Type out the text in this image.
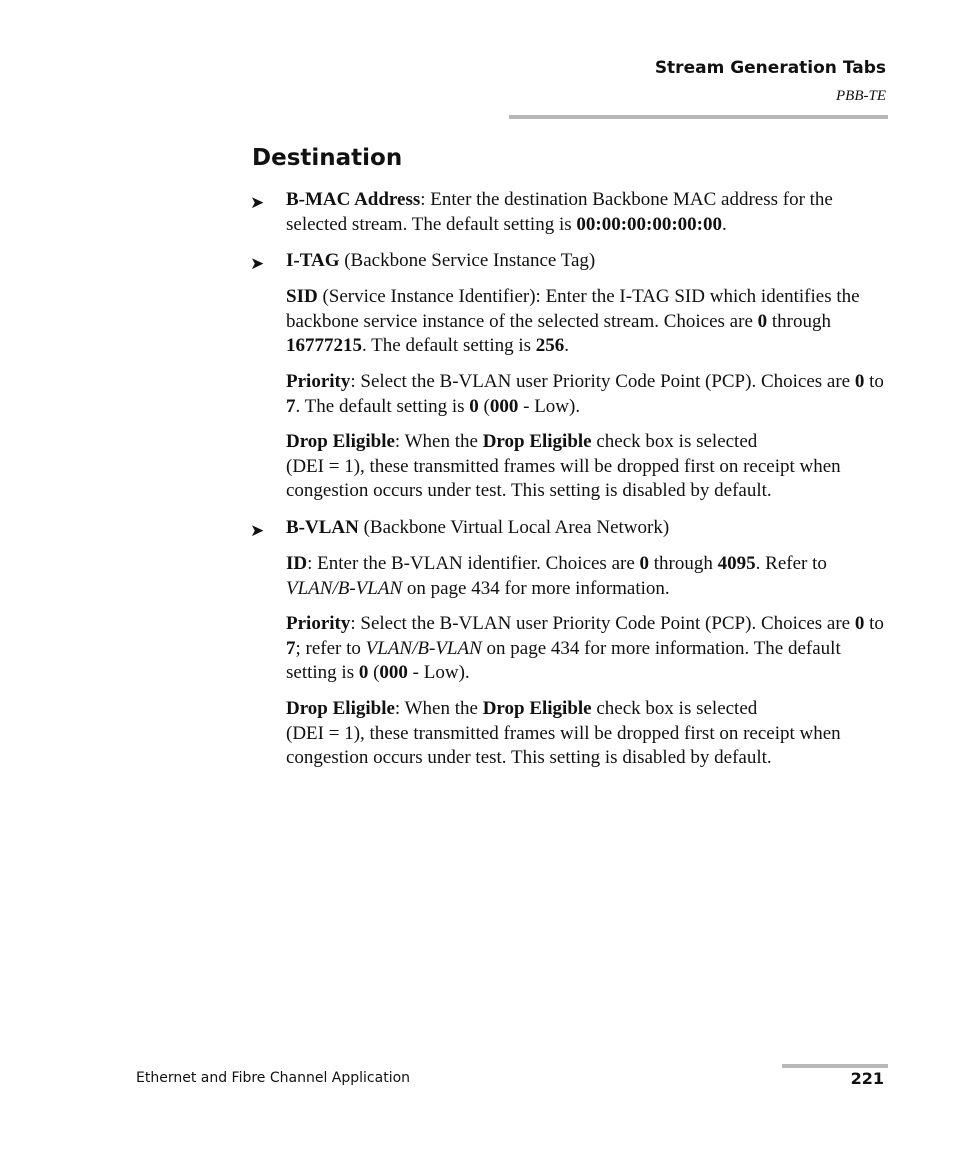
Stream Generation Tabs
PBB-TE
Destination
➤ B-MAC Address: Enter the destination Backbone MAC address for the selected stream. The default setting is 00:00:00:00:00:00.

➤ I-TAG (Backbone Service Instance Tag)

SID (Service Instance Identifier): Enter the I-TAG SID which identifies the backbone service instance of the selected stream. Choices are 0 through 16777215. The default setting is 256.

Priority: Select the B-VLAN user Priority Code Point (PCP). Choices are 0 to 7. The default setting is 0 (000 - Low).

Drop Eligible: When the Drop Eligible check box is selected
(DEI = 1), these transmitted frames will be dropped first on receipt when congestion occurs under test. This setting is disabled by default.

➤ B-VLAN (Backbone Virtual Local Area Network)

ID: Enter the B-VLAN identifier. Choices are 0 through 4095. Refer to VLAN/B-VLAN on page 434 for more information.

Priority: Select the B-VLAN user Priority Code Point (PCP). Choices are 0 to 7; refer to VLAN/B-VLAN on page 434 for more information. The default setting is 0 (000 - Low).

Drop Eligible: When the Drop Eligible check box is selected
(DEI = 1), these transmitted frames will be dropped first on receipt when congestion occurs under test. This setting is disabled by default.

Ethernet and Fibre Channel Application	221
